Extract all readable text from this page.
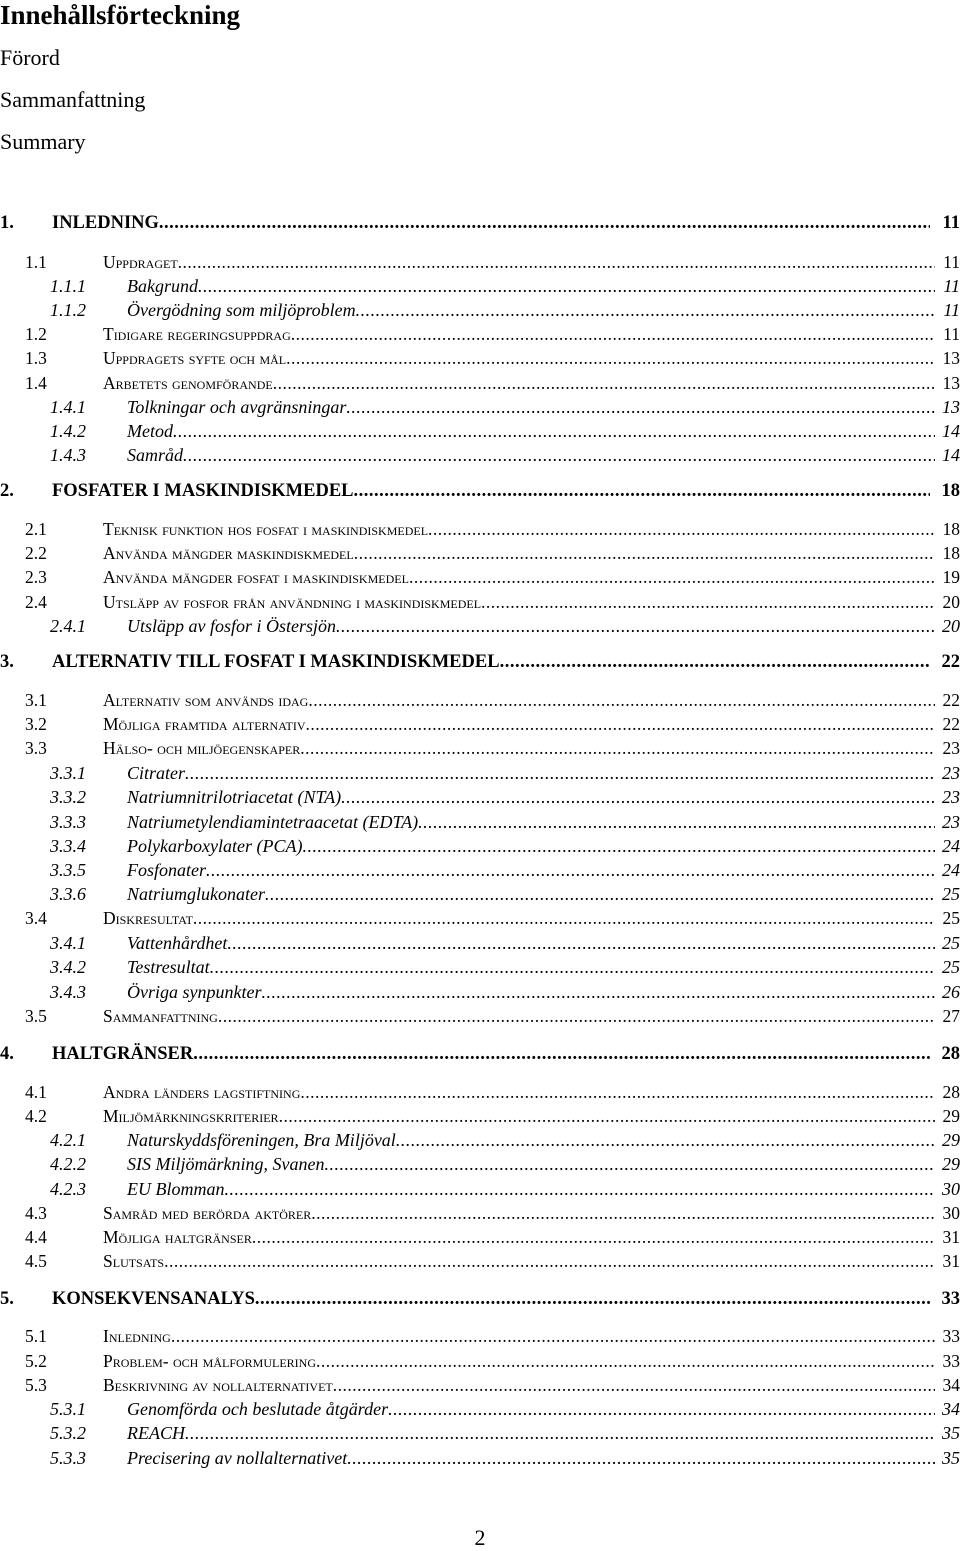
Innehållsförteckning
Förord
Sammanfattning
Summary
1. INLEDNING .....	11
1.1	Uppdraget .....	11
1.1.1 Bakgrund .....	11
1.1.2 Övergödning som miljöproblem .....	11
1.2	Tidigare regeringsuppdrag .....	11
1.3	Uppdragets syfte och mål .....	13
1.4	Arbetets genomförande .....	13
1.4.1 Tolkningar och avgränsningar .....	13
1.4.2 Metod .....	14
1.4.3 Samråd .....	14
2. FOSFATER I MASKINDISKMEDEL .....	18
2.1	Teknisk funktion hos fosfat i maskindiskmedel .....	18
2.2	Använda mängder maskindiskmedel .....	18
2.3	Använda mängder fosfat i maskindiskmedel .....	19
2.4	Utsläpp av fosfor från användning i maskindiskmedel .....	20
2.4.1 Utsläpp av fosfor i Östersjön .....	20
3. ALTERNATIV TILL FOSFAT I MASKINDISKMEDEL .....	22
3.1	Alternativ som används idag .....	22
3.2	Möjliga framtida alternativ .....	22
3.3	Hälso- och miljöegenskaper .....	23
3.3.1 Citrater .....	23
3.3.2 Natriumnitrilotriacetat (NTA) .....	23
3.3.3 Natriumetylendiamintetraacetat (EDTA) .....	23
3.3.4 Polykarboxylater (PCA) .....	24
3.3.5 Fosfonater .....	24
3.3.6 Natriumglukonater .....	25
3.4	Diskresultat .....	25
3.4.1 Vattenhårdhet .....	25
3.4.2 Testresultat .....	25
3.4.3 Övriga synpunkter .....	26
3.5	Sammanfattning .....	27
4. HALTGRÄNSER .....	28
4.1	Andra länders lagstiftning .....	28
4.2	Miljömärkningskriterier .....	29
4.2.1 Naturskyddsföreningen, Bra Miljöval .....	29
4.2.2 SIS Miljömärkning, Svanen .....	29
4.2.3 EU Blomman .....	30
4.3	Samråd med berörda aktörer .....	30
4.4	Möjliga haltgränser .....	31
4.5	Slutsats .....	31
5. KONSEKVENSANALYS .....	33
5.1	Inledning .....	33
5.2	Problem- och målformulering .....	33
5.3	Beskrivning av nollalternativet .....	34
5.3.1 Genomförda och beslutade åtgärder .....	34
5.3.2 REACH .....	35
5.3.3 Precisering av nollalternativet .....	35
2
